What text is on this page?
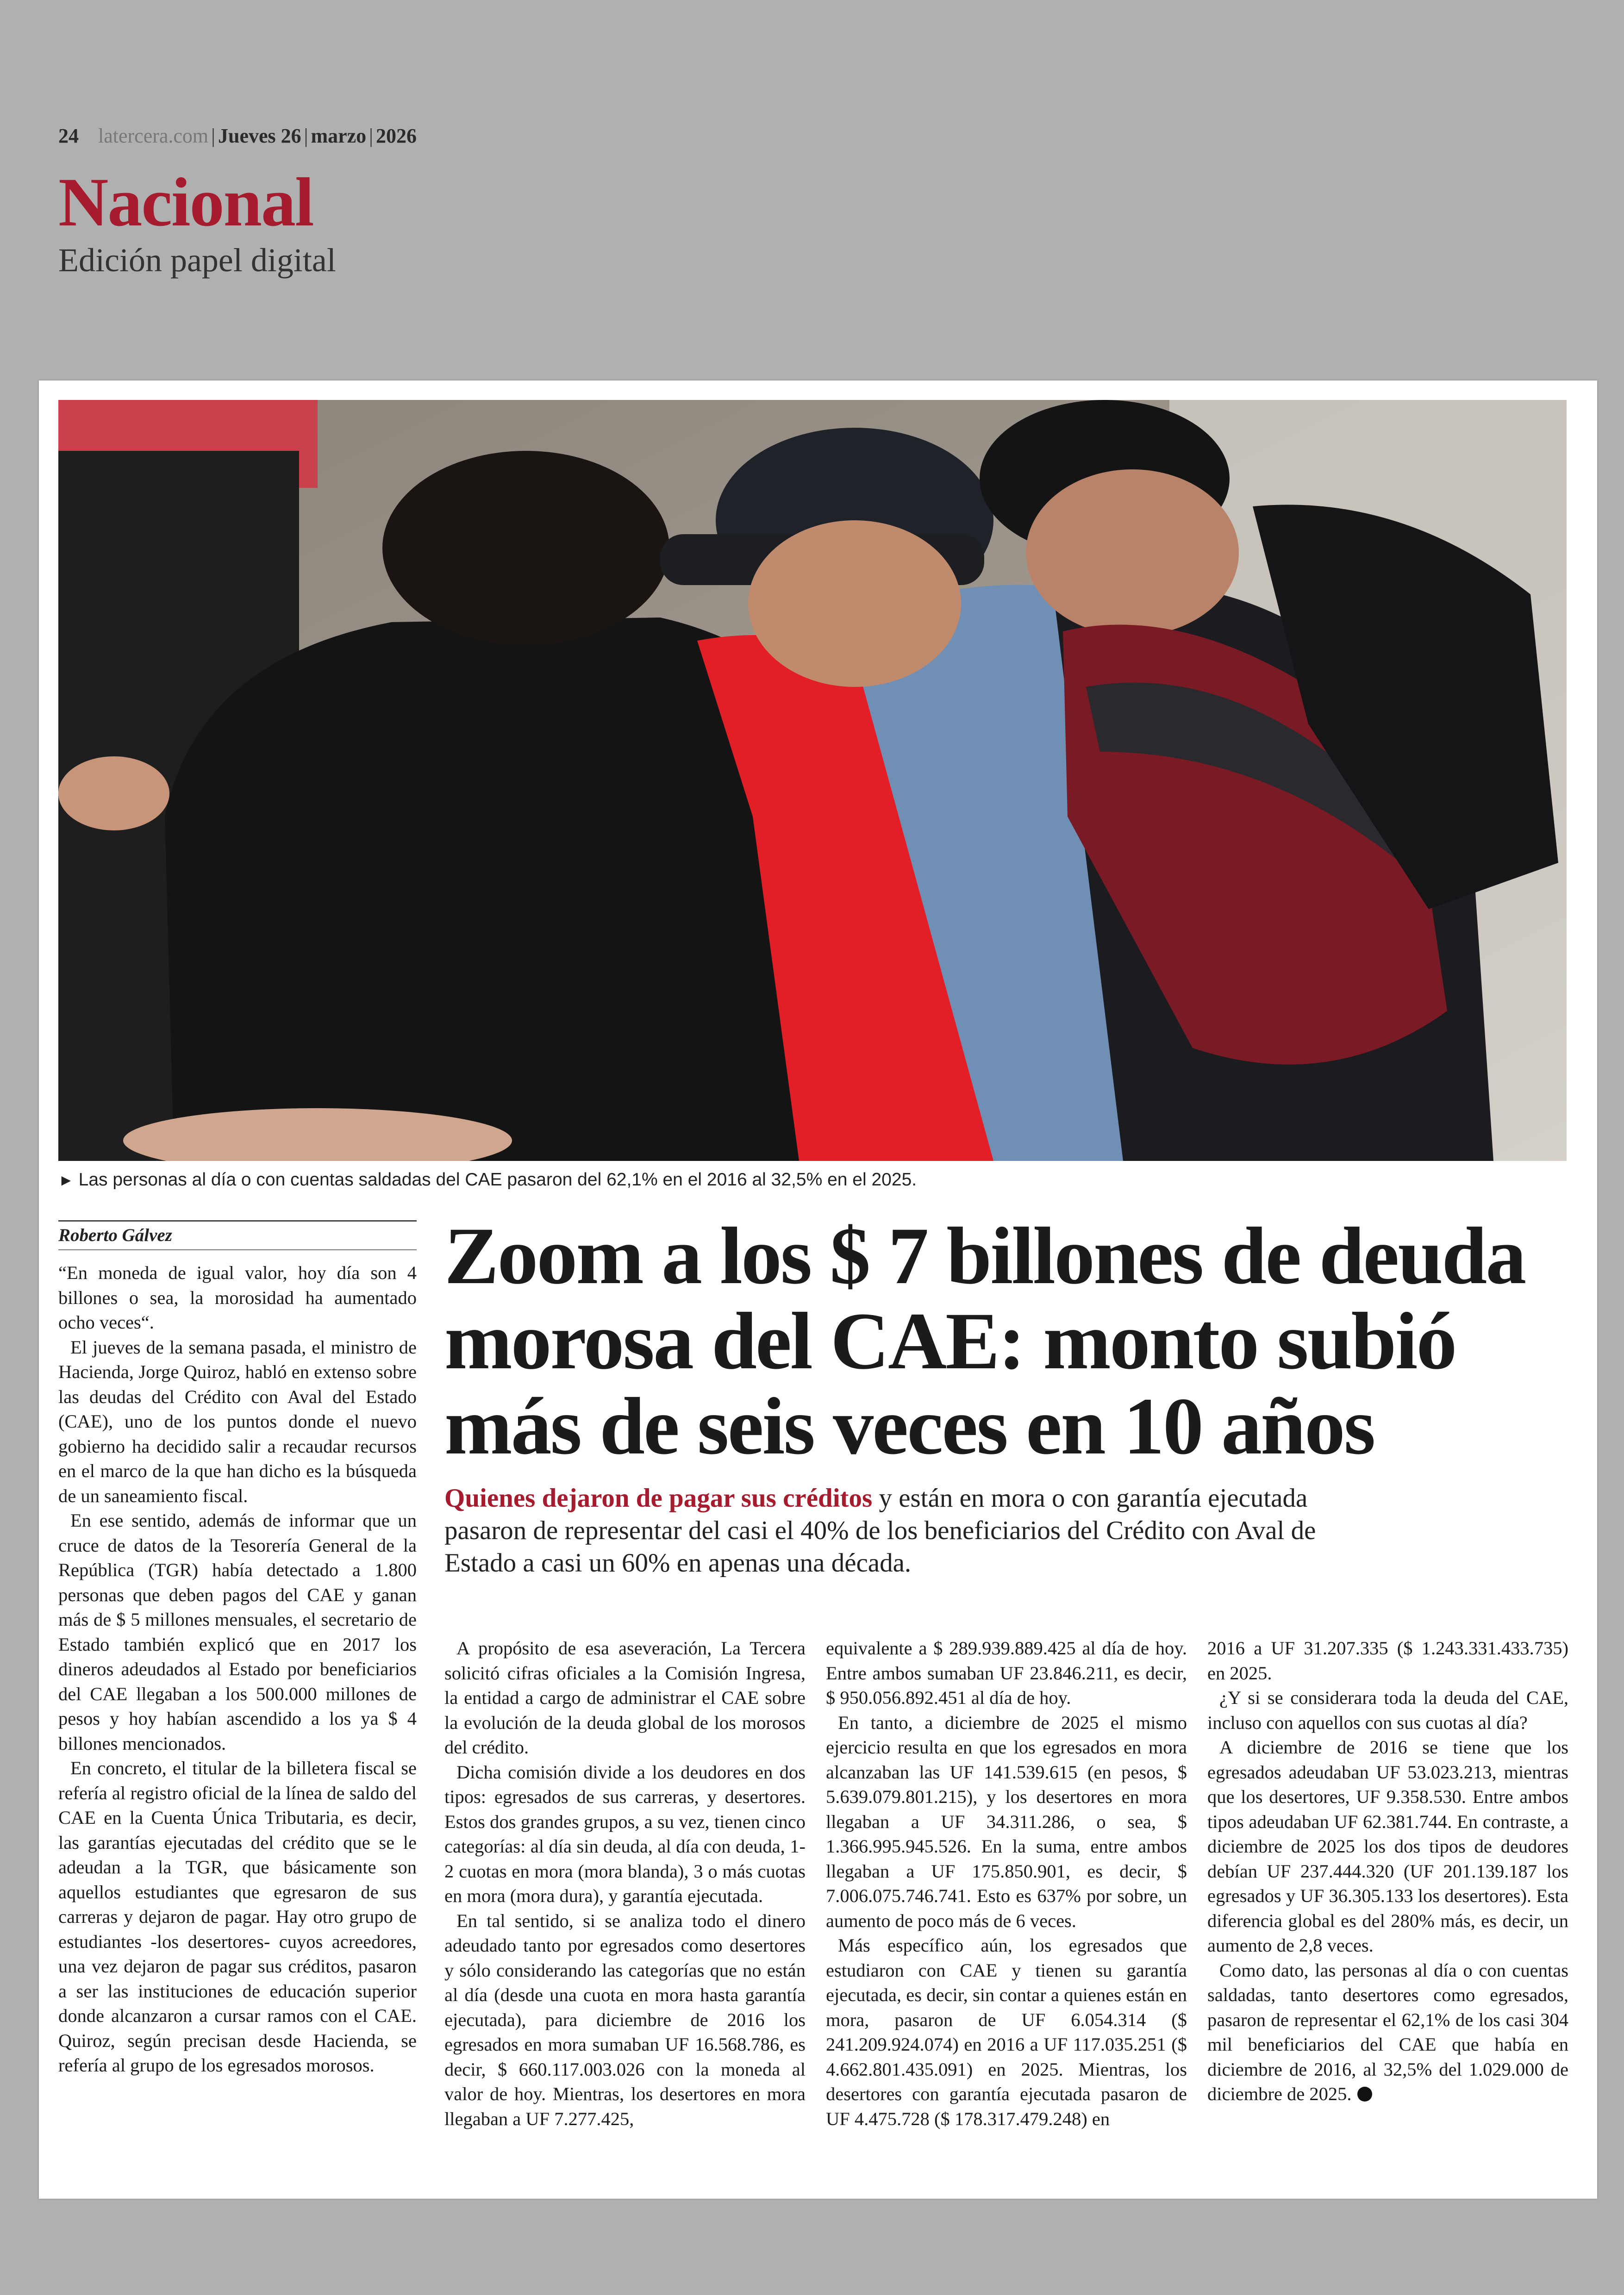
24 latercera.com | Jueves 26 | marzo | 2026
Nacional
Edición papel digital
► Las personas al día o con cuentas saldadas del CAE pasaron del 62,1% en el 2016 al 32,5% en el 2025.
Roberto Gálvez

“En moneda de igual valor, hoy día son 4 billones o sea, la morosidad ha aumentado ocho veces“.

El jueves de la semana pasada, el ministro de Hacienda, Jorge Quiroz, habló en extenso sobre las deudas del Crédito con Aval del Estado (CAE), uno de los puntos donde el nuevo gobierno ha decidido salir a recaudar recursos en el marco de la que han dicho es la búsqueda de un saneamiento fiscal.

En ese sentido, además de informar que un cruce de datos de la Tesorería General de la República (TGR) había detectado a 1.800 personas que deben pagos del CAE y ganan más de $ 5 millones mensuales, el secretario de Estado también explicó que en 2017 los dineros adeudados al Estado por beneficiarios del CAE llegaban a los 500.000 millones de pesos y hoy habían ascendido a los ya $ 4 billones mencionados.

En concreto, el titular de la billetera fiscal se refería al registro oficial de la línea de saldo del CAE en la Cuenta Única Tributaria, es decir, las garantías ejecutadas del crédito que se le adeudan a la TGR, que básicamente son aquellos estudiantes que egresaron de sus carreras y dejaron de pagar. Hay otro grupo de estudiantes -los desertores- cuyos acreedores, una vez dejaron de pagar sus créditos, pasaron a ser las instituciones de educación superior donde alcanzaron a cursar ramos con el CAE. Quiroz, según precisan desde Hacienda, se refería al grupo de los egresados morosos.

Zoom a los $ 7 billones de deuda morosa del CAE: monto subió más de seis veces en 10 años
Quienes dejaron de pagar sus créditos y están en mora o con garantía ejecutada pasaron de representar del casi el 40% de los beneficiarios del Crédito con Aval de Estado a casi un 60% en apenas una década.

A propósito de esa aseveración, La Tercera solicitó cifras oficiales a la Comisión Ingresa, la entidad a cargo de administrar el CAE sobre la evolución de la deuda global de los morosos del crédito.

Dicha comisión divide a los deudores en dos tipos: egresados de sus carreras, y desertores. Estos dos grandes grupos, a su vez, tienen cinco categorías: al día sin deuda, al día con deuda, 1-2 cuotas en mora (mora blanda), 3 o más cuotas en mora (mora dura), y garantía ejecutada.

En tal sentido, si se analiza todo el dinero adeudado tanto por egresados como desertores y sólo considerando las categorías que no están al día (desde una cuota en mora hasta garantía ejecutada), para diciembre de 2016 los egresados en mora sumaban UF 16.568.786, es decir, $ 660.117.003.026 con la moneda al valor de hoy. Mientras, los desertores en mora llegaban a UF 7.277.425,

equivalente a $ 289.939.889.425 al día de hoy. Entre ambos sumaban UF 23.846.211, es decir, $ 950.056.892.451 al día de hoy.

En tanto, a diciembre de 2025 el mismo ejercicio resulta en que los egresados en mora alcanzaban las UF 141.539.615 (en pesos, $ 5.639.079.801.215), y los desertores en mora llegaban a UF 34.311.286, o sea, $ 1.366.995.945.526. En la suma, entre ambos llegaban a UF 175.850.901, es decir, $ 7.006.075.746.741. Esto es 637% por sobre, un aumento de poco más de 6 veces.

Más específico aún, los egresados que estudiaron con CAE y tienen su garantía ejecutada, es decir, sin contar a quienes están en mora, pasaron de UF 6.054.314 ($ 241.209.924.074) en 2016 a UF 117.035.251 ($ 4.662.801.435.091) en 2025. Mientras, los desertores con garantía ejecutada pasaron de UF 4.475.728 ($ 178.317.479.248) en

2016 a UF 31.207.335 ($ 1.243.331.433.735) en 2025.

¿Y si se considerara toda la deuda del CAE, incluso con aquellos con sus cuotas al día?

A diciembre de 2016 se tiene que los egresados adeudaban UF 53.023.213, mientras que los desertores, UF 9.358.530. Entre ambos tipos adeudaban UF 62.381.744. En contraste, a diciembre de 2025 los dos tipos de deudores debían UF 237.444.320 (UF 201.139.187 los egresados y UF 36.305.133 los desertores). Esta diferencia global es del 280% más, es decir, un aumento de 2,8 veces.

Como dato, las personas al día o con cuentas saldadas, tanto desertores como egresados, pasaron de representar el 62,1% de los casi 304 mil beneficiarios del CAE que había en diciembre de 2016, al 32,5% del 1.029.000 de diciembre de 2025.
